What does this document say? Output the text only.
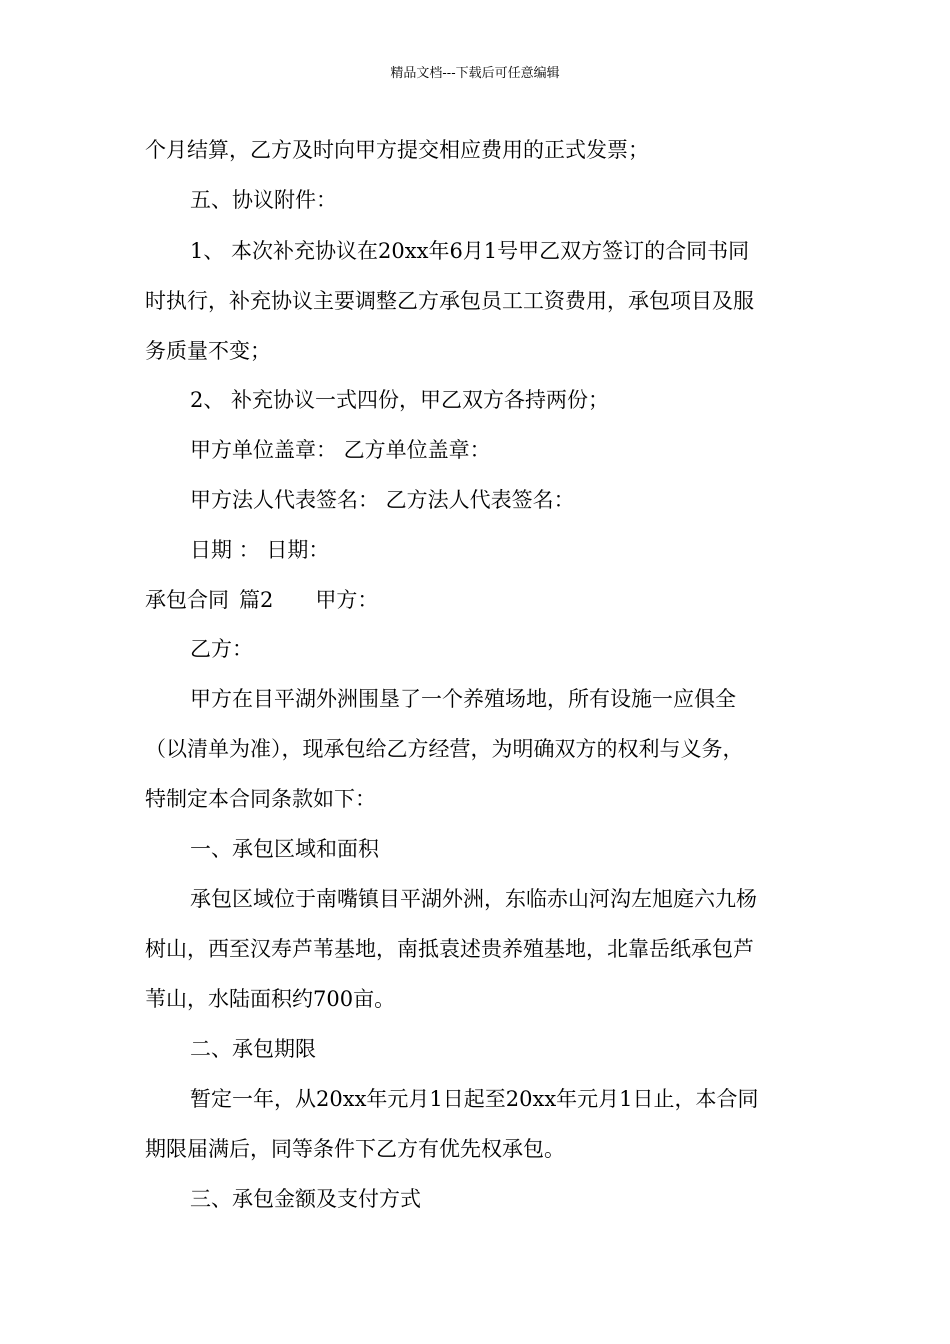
精品文档---下载后可任意编辑
个月结算，乙方及时向甲方提交相应费用的正式发票；
五、协议附件：
1、 本次补充协议在20xx年6月1号甲乙双方签订的合同书同
时执行，补充协议主要调整乙方承包员工工资费用，承包项目及服
务质量不变；
2、 补充协议一式四份，甲乙双方各持两份；
甲方单位盖章： 乙方单位盖章：
甲方法人代表签名： 乙方法人代表签名：
日期 ： 日期：
承包合同 篇2 甲方：
乙方：
甲方在目平湖外洲围垦了一个养殖场地，所有设施一应俱全
（以清单为准），现承包给乙方经营，为明确双方的权利与义务，
特制定本合同条款如下：
一、承包区域和面积
承包区域位于南嘴镇目平湖外洲，东临赤山河沟左旭庭六九杨
树山，西至汉寿芦苇基地，南抵袁述贵养殖基地，北靠岳纸承包芦
苇山，水陆面积约700亩。
二、承包期限
暂定一年，从20xx年元月1日起至20xx年元月1日止，本合同
期限届满后，同等条件下乙方有优先权承包。
三、承包金额及支付方式
